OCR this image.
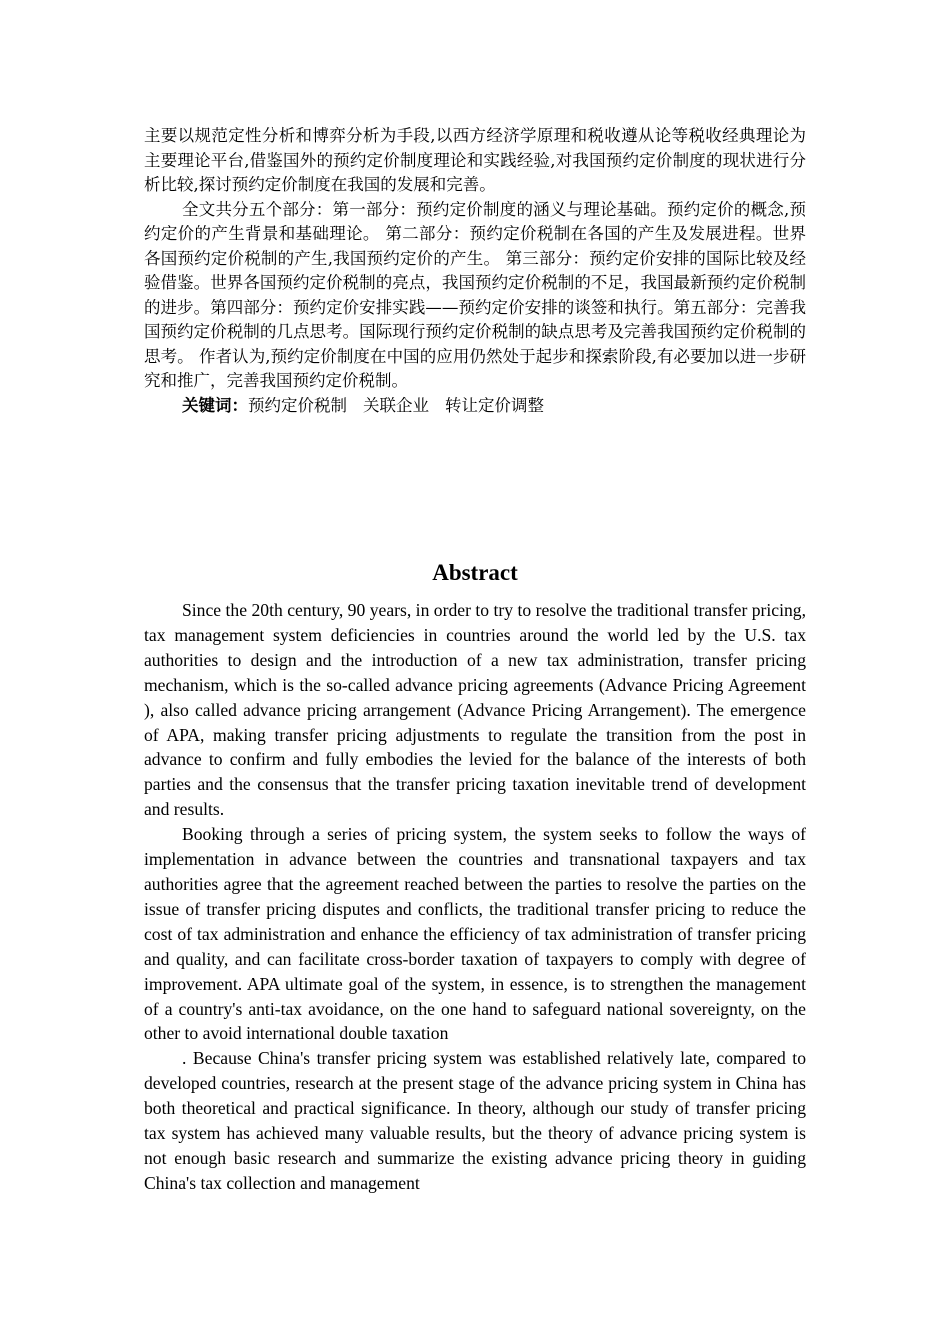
主要以规范定性分析和博弈分析为手段,以西方经济学原理和税收遵从论等税收经典理论为主要理论平台,借鉴国外的预约定价制度理论和实践经验,对我国预约定价制度的现状进行分析比较,探讨预约定价制度在我国的发展和完善。

全文共分五个部分：第一部分：预约定价制度的涵义与理论基础。预约定价的概念,预约定价的产生背景和基础理论。 第二部分：预约定价税制在各国的产生及发展进程。世界各国预约定价税制的产生,我国预约定价的产生。 第三部分：预约定价安排的国际比较及经验借鉴。世界各国预约定价税制的亮点，我国预约定价税制的不足，我国最新预约定价税制的进步。第四部分：预约定价安排实践——预约定价安排的谈签和执行。第五部分：完善我国预约定价税制的几点思考。国际现行预约定价税制的缺点思考及完善我国预约定价税制的思考。 作者认为,预约定价制度在中国的应用仍然处于起步和探索阶段,有必要加以进一步研究和推广，完善我国预约定价税制。

关键词：预约定价税制 关联企业 转让定价调整

Abstract

Since the 20th century, 90 years, in order to try to resolve the traditional transfer pricing, tax management system deficiencies in countries around the world led by the U.S. tax authorities to design and the introduction of a new tax administration, transfer pricing mechanism, which is the so-called advance pricing agreements (Advance Pricing Agreement ), also called advance pricing arrangement (Advance Pricing Arrangement). The emergence of APA, making transfer pricing adjustments to regulate the transition from the post in advance to confirm and fully embodies the levied for the balance of the interests of both parties and the consensus that the transfer pricing taxation inevitable trend of development and results.

Booking through a series of pricing system, the system seeks to follow the ways of implementation in advance between the countries and transnational taxpayers and tax authorities agree that the agreement reached between the parties to resolve the parties on the issue of transfer pricing disputes and conflicts, the traditional transfer pricing to reduce the cost of tax administration and enhance the efficiency of tax administration of transfer pricing and quality, and can facilitate cross-border taxation of taxpayers to comply with degree of improvement. APA ultimate goal of the system, in essence, is to strengthen the management of a country's anti-tax avoidance, on the one hand to safeguard national sovereignty, on the other to avoid international double taxation

. Because China's transfer pricing system was established relatively late, compared to developed countries, research at the present stage of the advance pricing system in China has both theoretical and practical significance. In theory, although our study of transfer pricing tax system has achieved many valuable results, but the theory of advance pricing system is not enough basic research and summarize the existing advance pricing theory in guiding China's tax collection and management
